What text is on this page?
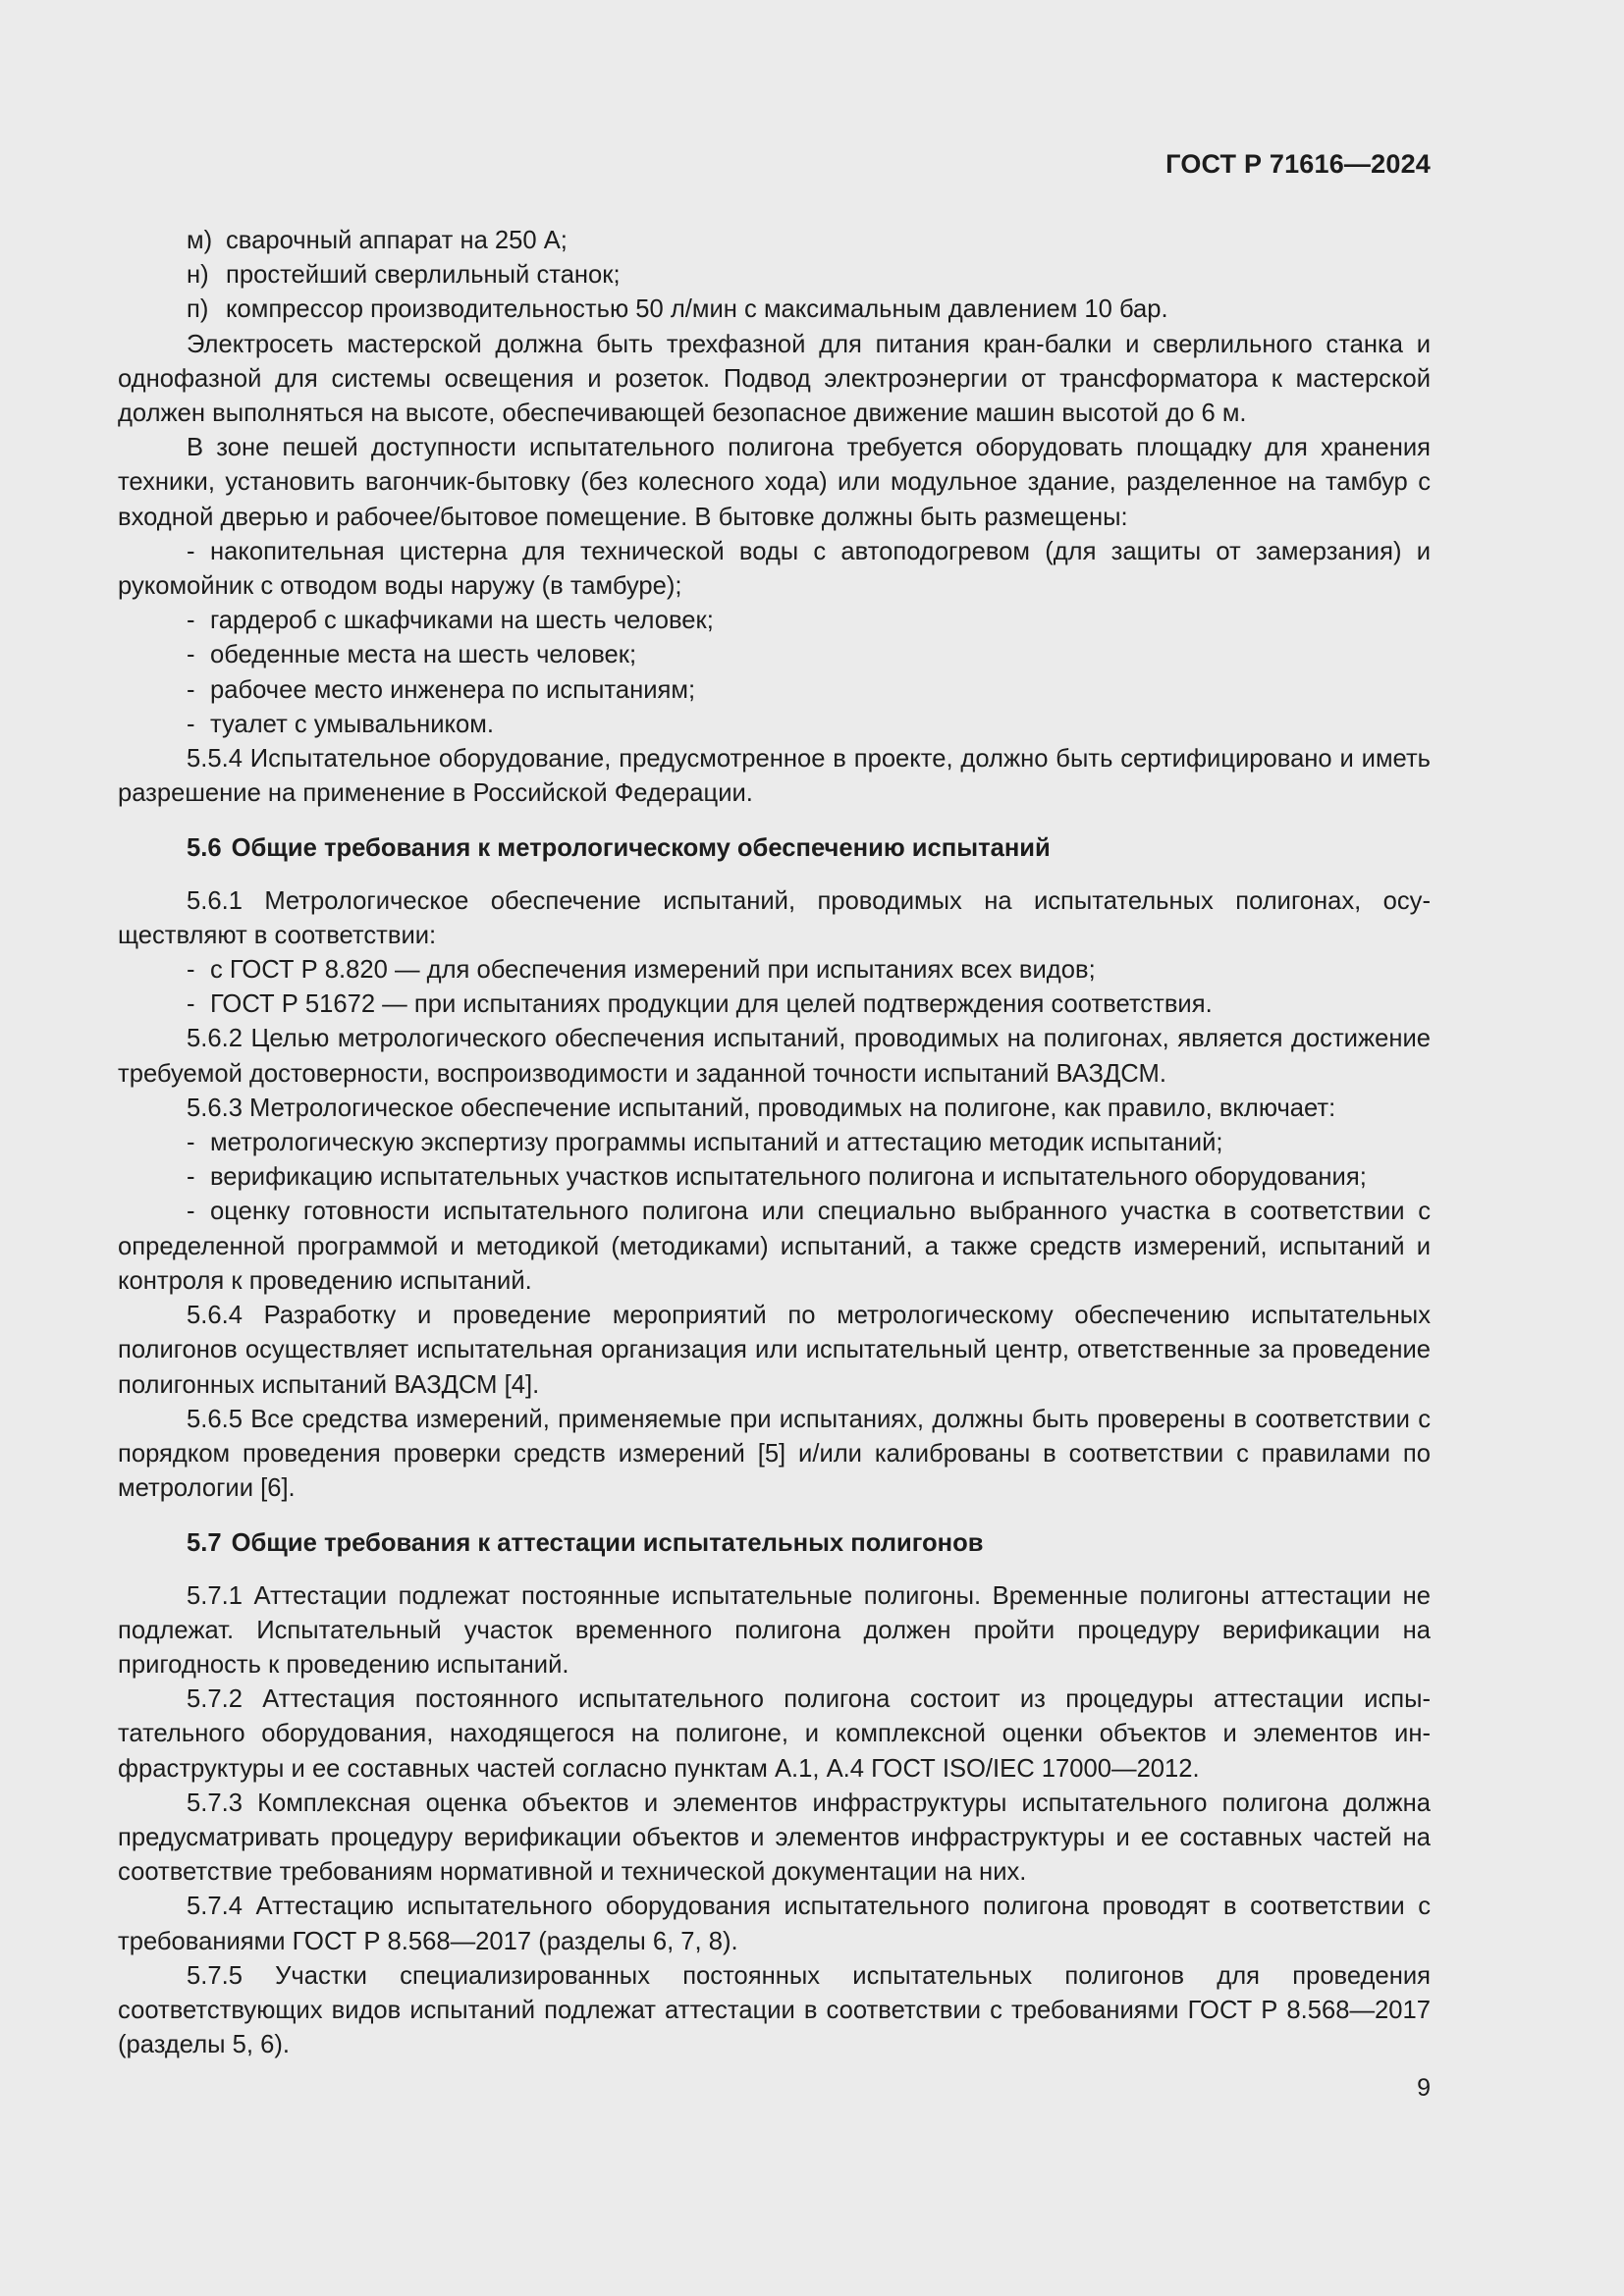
ГОСТ Р 71616—2024

м) сварочный аппарат на 250 А;

н) простейший сверлильный станок;

п) компрессор производительностью 50 л/мин с максимальным давлением 10 бар.

Электросеть мастерской должна быть трехфазной для питания кран-балки и сверлильного станка и однофазной для системы освещения и розеток. Подвод электроэнергии от трансформатора к мастерской должен выполняться на высоте, обеспечивающей безопасное движение машин высотой до 6 м.

В зоне пешей доступности испытательного полигона требуется оборудовать площадку для хранения техники, установить вагончик-бытовку (без колесного хода) или модульное здание, разделенное на тамбур с входной дверью и рабочее/бытовое помещение. В бытовке должны быть размещены:

- накопительная цистерна для технической воды с автоподогревом (для защиты от замерзания) и рукомойник с отводом воды наружу (в тамбуре);

- гардероб с шкафчиками на шесть человек;

- обеденные места на шесть человек;

- рабочее место инженера по испытаниям;

- туалет с умывальником.

5.5.4 Испытательное оборудование, предусмотренное в проекте, должно быть сертифицировано и иметь разрешение на применение в Российской Федерации.

5.6 Общие требования к метрологическому обеспечению испытаний

5.6.1 Метрологическое обеспечение испытаний, проводимых на испытательных полигонах, осуществляют в соответствии:

- с ГОСТ Р 8.820 — для обеспечения измерений при испытаниях всех видов;

- ГОСТ Р 51672 — при испытаниях продукции для целей подтверждения соответствия.

5.6.2 Целью метрологического обеспечения испытаний, проводимых на полигонах, является достижение требуемой достоверности, воспроизводимости и заданной точности испытаний ВАЗДСМ.

5.6.3 Метрологическое обеспечение испытаний, проводимых на полигоне, как правило, включает:

- метрологическую экспертизу программы испытаний и аттестацию методик испытаний;

- верификацию испытательных участков испытательного полигона и испытательного оборудования;

- оценку готовности испытательного полигона или специально выбранного участка в соответствии с определенной программой и методикой (методиками) испытаний, а также средств измерений, испытаний и контроля к проведению испытаний.

5.6.4 Разработку и проведение мероприятий по метрологическому обеспечению испытательных полигонов осуществляет испытательная организация или испытательный центр, ответственные за проведение полигонных испытаний ВАЗДСМ [4].

5.6.5 Все средства измерений, применяемые при испытаниях, должны быть проверены в соответствии с порядком проведения проверки средств измерений [5] и/или калиброваны в соответствии с правилами по метрологии [6].

5.7 Общие требования к аттестации испытательных полигонов

5.7.1 Аттестации подлежат постоянные испытательные полигоны. Временные полигоны аттестации не подлежат. Испытательный участок временного полигона должен пройти процедуру верификации на пригодность к проведению испытаний.

5.7.2 Аттестация постоянного испытательного полигона состоит из процедуры аттестации испытательного оборудования, находящегося на полигоне, и комплексной оценки объектов и элементов инфраструктуры и ее составных частей согласно пунктам А.1, А.4 ГОСТ ISO/IEC 17000—2012.

5.7.3 Комплексная оценка объектов и элементов инфраструктуры испытательного полигона должна предусматривать процедуру верификации объектов и элементов инфраструктуры и ее составных частей на соответствие требованиям нормативной и технической документации на них.

5.7.4 Аттестацию испытательного оборудования испытательного полигона проводят в соответствии с требованиями ГОСТ Р 8.568—2017 (разделы 6, 7, 8).

5.7.5 Участки специализированных постоянных испытательных полигонов для проведения соответствующих видов испытаний подлежат аттестации в соответствии с требованиями ГОСТ Р 8.568—2017 (разделы 5, 6).

9
